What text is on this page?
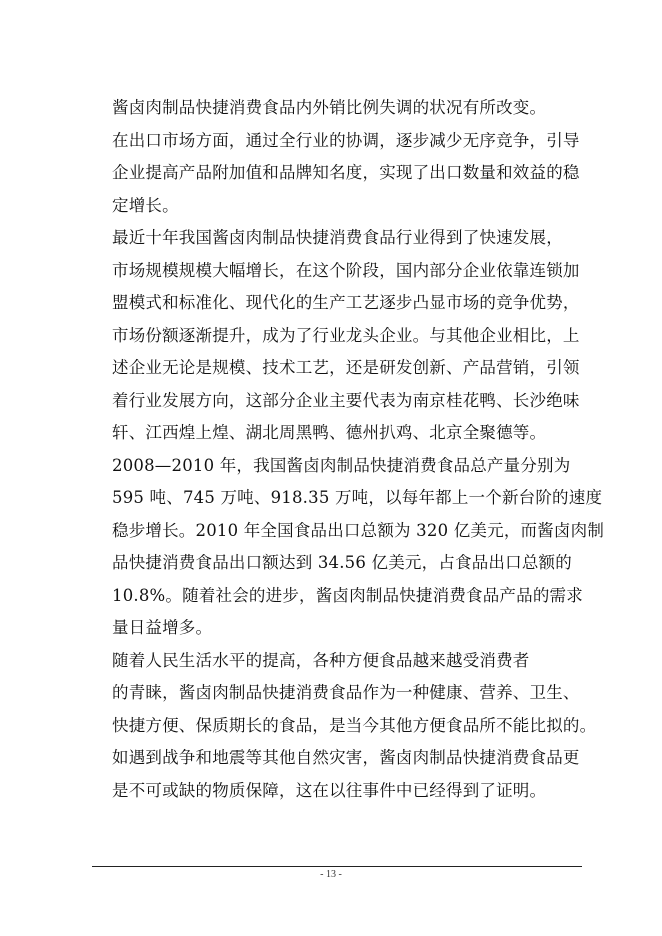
酱卤肉制品快捷消费食品内外销比例失调的状况有所改变。
在出口市场方面，通过全行业的协调，逐步减少无序竞争，引导
企业提高产品附加值和品牌知名度，实现了出口数量和效益的稳
定增长。
最近十年我国酱卤肉制品快捷消费食品行业得到了快速发展，
市场规模规模大幅增长，在这个阶段，国内部分企业依靠连锁加
盟模式和标准化、现代化的生产工艺逐步凸显市场的竞争优势，
市场份额逐渐提升，成为了行业龙头企业。与其他企业相比，上
述企业无论是规模、技术工艺，还是研发创新、产品营销，引领
着行业发展方向，这部分企业主要代表为南京桂花鸭、长沙绝味
轩、江西煌上煌、湖北周黑鸭、德州扒鸡、北京全聚德等。
2008—2010 年，我国酱卤肉制品快捷消费食品总产量分别为
595 吨、745 万吨、918.35 万吨，以每年都上一个新台阶的速度
稳步增长。2010 年全国食品出口总额为 320 亿美元，而酱卤肉制
品快捷消费食品出口额达到 34.56 亿美元，占食品出口总额的
10.8%。随着社会的进步，酱卤肉制品快捷消费食品产品的需求
量日益增多。
随着人民生活水平的提高，各种方便食品越来越受消费者
的青睐，酱卤肉制品快捷消费食品作为一种健康、营养、卫生、
快捷方便、保质期长的食品，是当今其他方便食品所不能比拟的。
如遇到战争和地震等其他自然灾害，酱卤肉制品快捷消费食品更
是不可或缺的物质保障，这在以往事件中已经得到了证明。
- 13 -
